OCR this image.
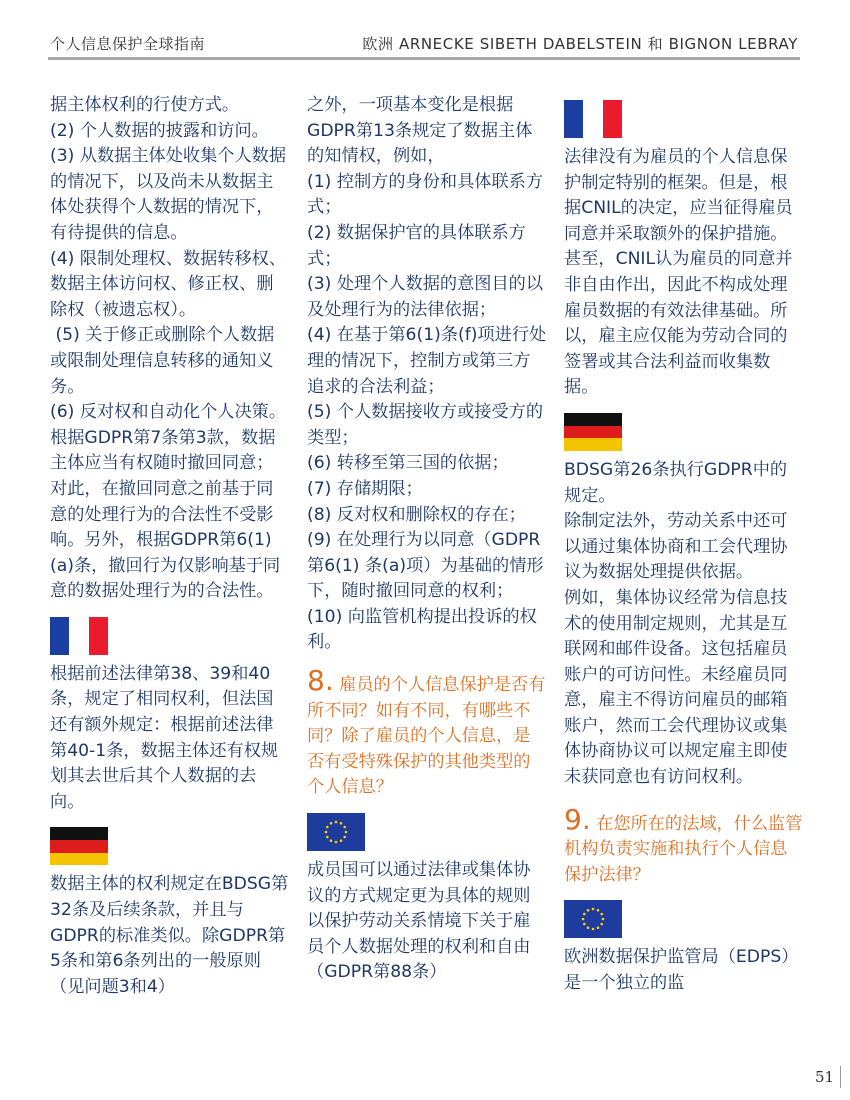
个人信息保护全球指南	欧洲 ARNECKE SIBETH DABELSTEIN 和 BIGNON LEBRAY

据主体权利的行使方式。
(2) 个人数据的披露和访问。
(3) 从数据主体处收集个人数据的情况下，以及尚未从数据主体处获得个人数据的情况下，有待提供的信息。
(4) 限制处理权、数据转移权、数据主体访问权、修正权、删除权（被遗忘权）。
(5) 关于修正或删除个人数据或限制处理信息转移的通知义务。
(6) 反对权和自动化个人决策。
根据GDPR第7条第3款，数据主体应当有权随时撤回同意；对此，在撤回同意之前基于同意的处理行为的合法性不受影响。另外，根据GDPR第6(1)(a)条，撤回行为仅影响基于同意的数据处理行为的合法性。

根据前述法律第38、39和40条，规定了相同权利，但法国还有额外规定：根据前述法律第40-1条，数据主体还有权规划其去世后其个人数据的去向。

数据主体的权利规定在BDSG第32条及后续条款，并且与GDPR的标准类似。除GDPR第5条和第6条列出的一般原则（见问题3和4）

之外，一项基本变化是根据GDPR第13条规定了数据主体的知情权，例如，
(1) 控制方的身份和具体联系方式；
(2) 数据保护官的具体联系方式；
(3) 处理个人数据的意图目的以及处理行为的法律依据；
(4) 在基于第6(1)条(f)项进行处理的情况下，控制方或第三方追求的合法利益；
(5) 个人数据接收方或接受方的类型；
(6) 转移至第三国的依据；
(7) 存储期限；
(8) 反对权和删除权的存在；
(9) 在处理行为以同意（GDPR第6(1) 条(a)项）为基础的情形下，随时撤回同意的权利；
(10) 向监管机构提出投诉的权利。

8. 雇员的个人信息保护是否有所不同？如有不同，有哪些不同？除了雇员的个人信息，是否有受特殊保护的其他类型的个人信息？

成员国可以通过法律或集体协议的方式规定更为具体的规则以保护劳动关系情境下关于雇员个人数据处理的权利和自由（GDPR第88条）

法律没有为雇员的个人信息保护制定特别的框架。但是，根据CNIL的决定，应当征得雇员同意并采取额外的保护措施。甚至，CNIL认为雇员的同意并非自由作出，因此不构成处理雇员数据的有效法律基础。所以，雇主应仅能为劳动合同的签署或其合法利益而收集数据。

BDSG第26条执行GDPR中的规定。
除制定法外，劳动关系中还可以通过集体协商和工会代理协议为数据处理提供依据。
例如，集体协议经常为信息技术的使用制定规则，尤其是互联网和邮件设备。这包括雇员账户的可访问性。未经雇员同意，雇主不得访问雇员的邮箱账户，然而工会代理协议或集体协商协议可以规定雇主即使未获同意也有访问权利。

9. 在您所在的法域，什么监管机构负责实施和执行个人信息保护法律？

欧洲数据保护监管局（EDPS）是一个独立的监

51
